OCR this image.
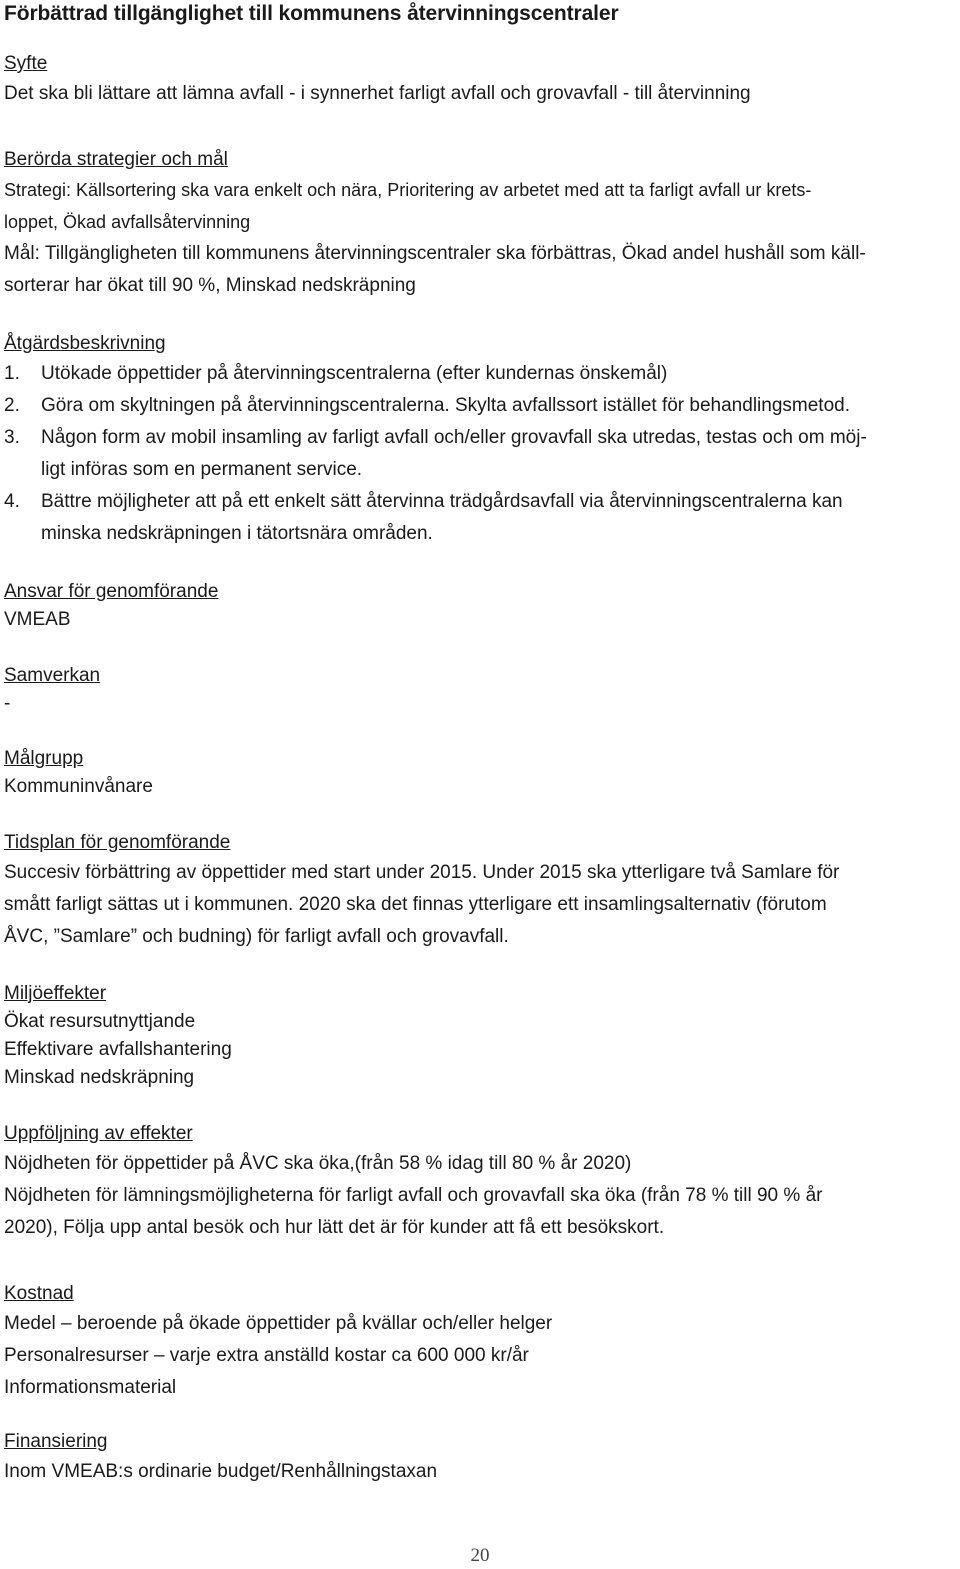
Förbättrad tillgänglighet till kommunens återvinningscentraler
Syfte
Det ska bli lättare att lämna avfall - i synnerhet farligt avfall och grovavfall - till återvinning
Berörda strategier och mål
Strategi: Källsortering ska vara enkelt och nära, Prioritering av arbetet med att ta farligt avfall ur krets-
loppet, Ökad avfallsåtervinning
Mål: Tillgängligheten till kommunens återvinningscentraler ska förbättras, Ökad andel hushåll som käll-
sorterar har ökat till 90 %, Minskad nedskräpning
Åtgärdsbeskrivning
1.	Utökade öppettider på återvinningscentralerna (efter kundernas önskemål)
2.	Göra om skyltningen på återvinningscentralerna. Skylta avfallssort istället för behandlingsmetod.
3.	Någon form av mobil insamling av farligt avfall och/eller grovavfall ska utredas, testas och om möj-
ligt införas som en permanent service.
4.	Bättre möjligheter att på ett enkelt sätt återvinna trädgårdsavfall via återvinningscentralerna kan
minska nedskräpningen i tätortsnära områden.
Ansvar för genomförande
VMEAB
Samverkan
-
Målgrupp
Kommuninvånare
Tidsplan för genomförande
Succesiv förbättring av öppettider med start under 2015. Under 2015 ska ytterligare två Samlare för
smått farligt sättas ut i kommunen. 2020 ska det finnas ytterligare ett insamlingsalternativ (förutom
ÅVC, ”Samlare” och budning) för farligt avfall och grovavfall.
Miljöeffekter
Ökat resursutnyttjande
Effektivare avfallshantering
Minskad nedskräpning
Uppföljning av effekter
Nöjdheten för öppettider på ÅVC ska öka,(från 58 % idag till 80 % år 2020)
Nöjdheten för lämningsmöjligheterna för farligt avfall och grovavfall ska öka (från 78 % till 90 % år
2020), Följa upp antal besök och hur lätt det är för kunder att få ett besökskort.
Kostnad
Medel – beroende på ökade öppettider på kvällar och/eller helger
Personalresurser – varje extra anställd kostar ca 600 000 kr/år
Informationsmaterial
Finansiering
Inom VMEAB:s ordinarie budget/Renhållningstaxan
20
